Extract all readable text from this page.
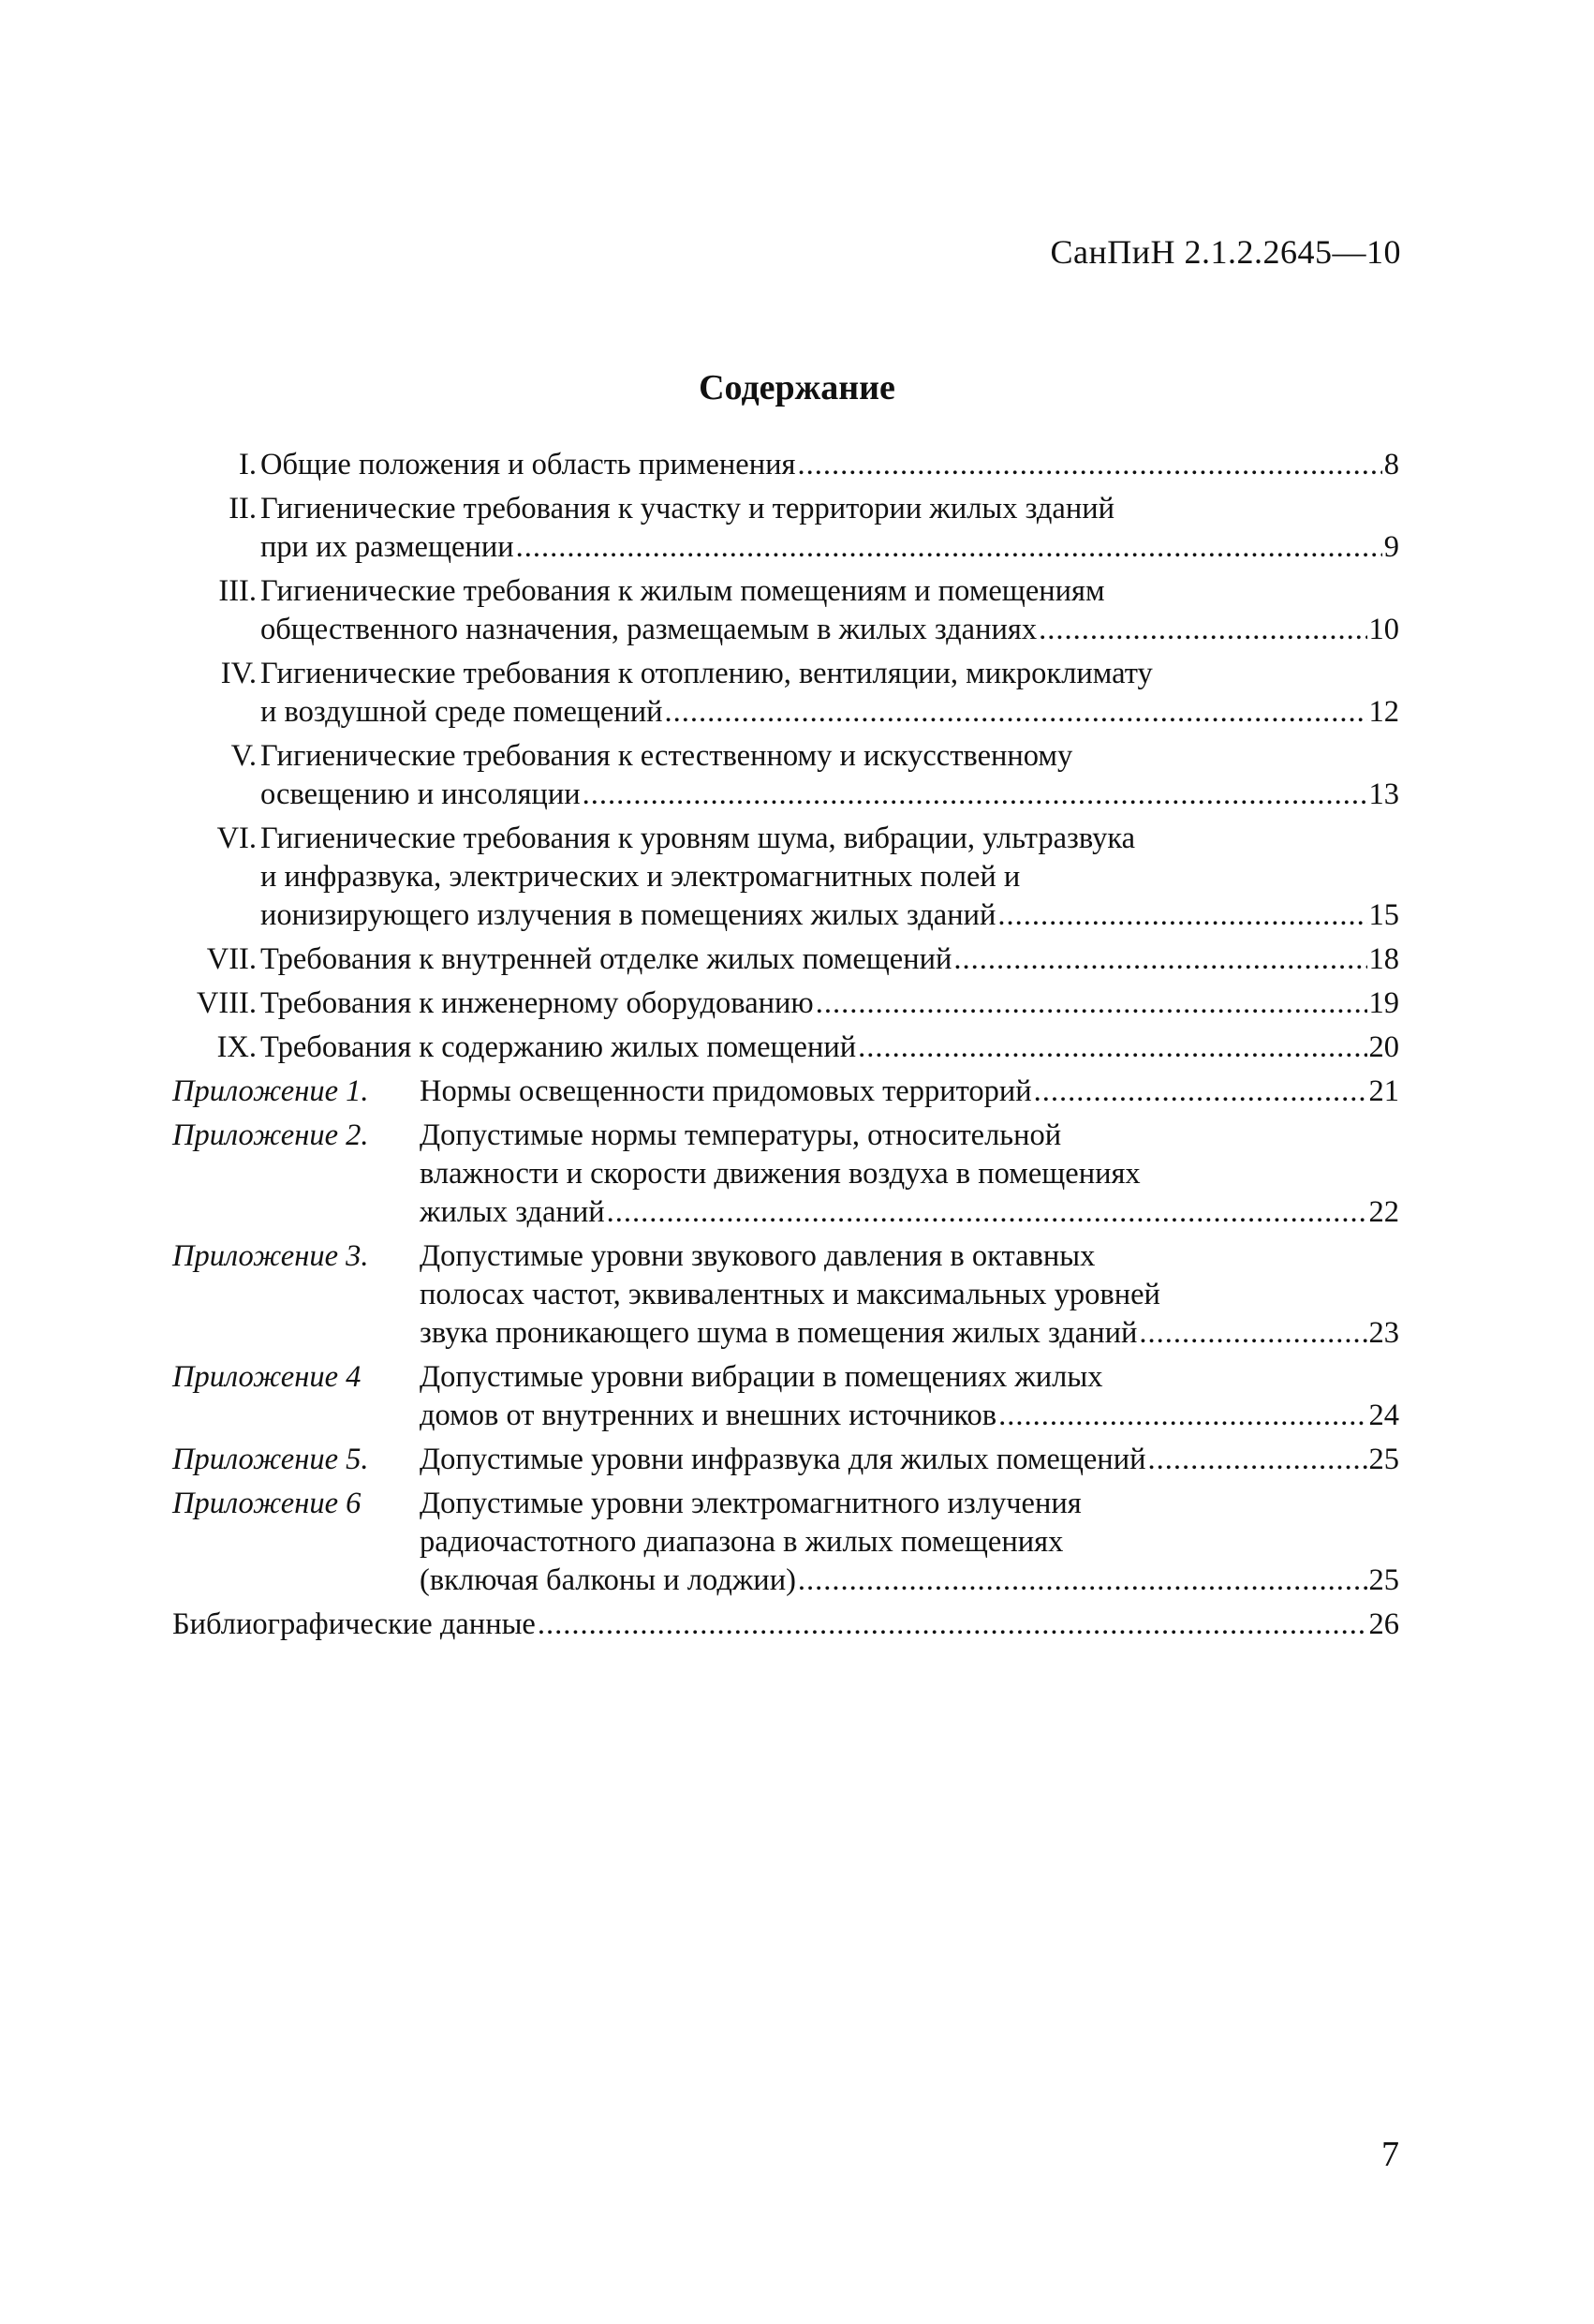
СанПиН 2.1.2.2645—10
Содержание
I. Общие положения и область применения .....	8
II. Гигиенические требования к участку и территории жилых зданий
при их размещении .....	9
III. Гигиенические требования к жилым помещениям и помещениям
общественного назначения, размещаемым в жилых зданиях .....	10
IV. Гигиенические требования к отоплению, вентиляции, микроклимату
и воздушной среде помещений .....	12
V. Гигиенические требования к естественному и искусственному
освещению и инсоляции .....	13
VI. Гигиенические требования к уровням шума, вибрации, ультразвука
и инфразвука, электрических и электромагнитных полей и
ионизирующего излучения в помещениях жилых зданий .....	15
VII. Требования к внутренней отделке жилых помещений .....	18
VIII. Требования к инженерному оборудованию .....	19
IX. Требования к содержанию жилых помещений .....	20
Приложение 1.	Нормы освещенности придомовых территорий .....	21
Приложение 2.	Допустимые нормы температуры, относительной
влажности и скорости движения воздуха в помещениях
жилых зданий .....	22
Приложение 3.	Допустимые уровни звукового давления в октавных
полосах частот, эквивалентных и максимальных уровней
звука проникающего шума в помещения жилых зданий .....	23
Приложение 4	Допустимые уровни вибрации в помещениях жилых
домов от внутренних и внешних источников .....	24
Приложение 5.	Допустимые уровни инфразвука для жилых помещений .....	25
Приложение 6	Допустимые уровни электромагнитного излучения
радиочастотного диапазона в жилых помещениях
(включая балконы и лоджии) .....	25
Библиографические данные .....	26
7
